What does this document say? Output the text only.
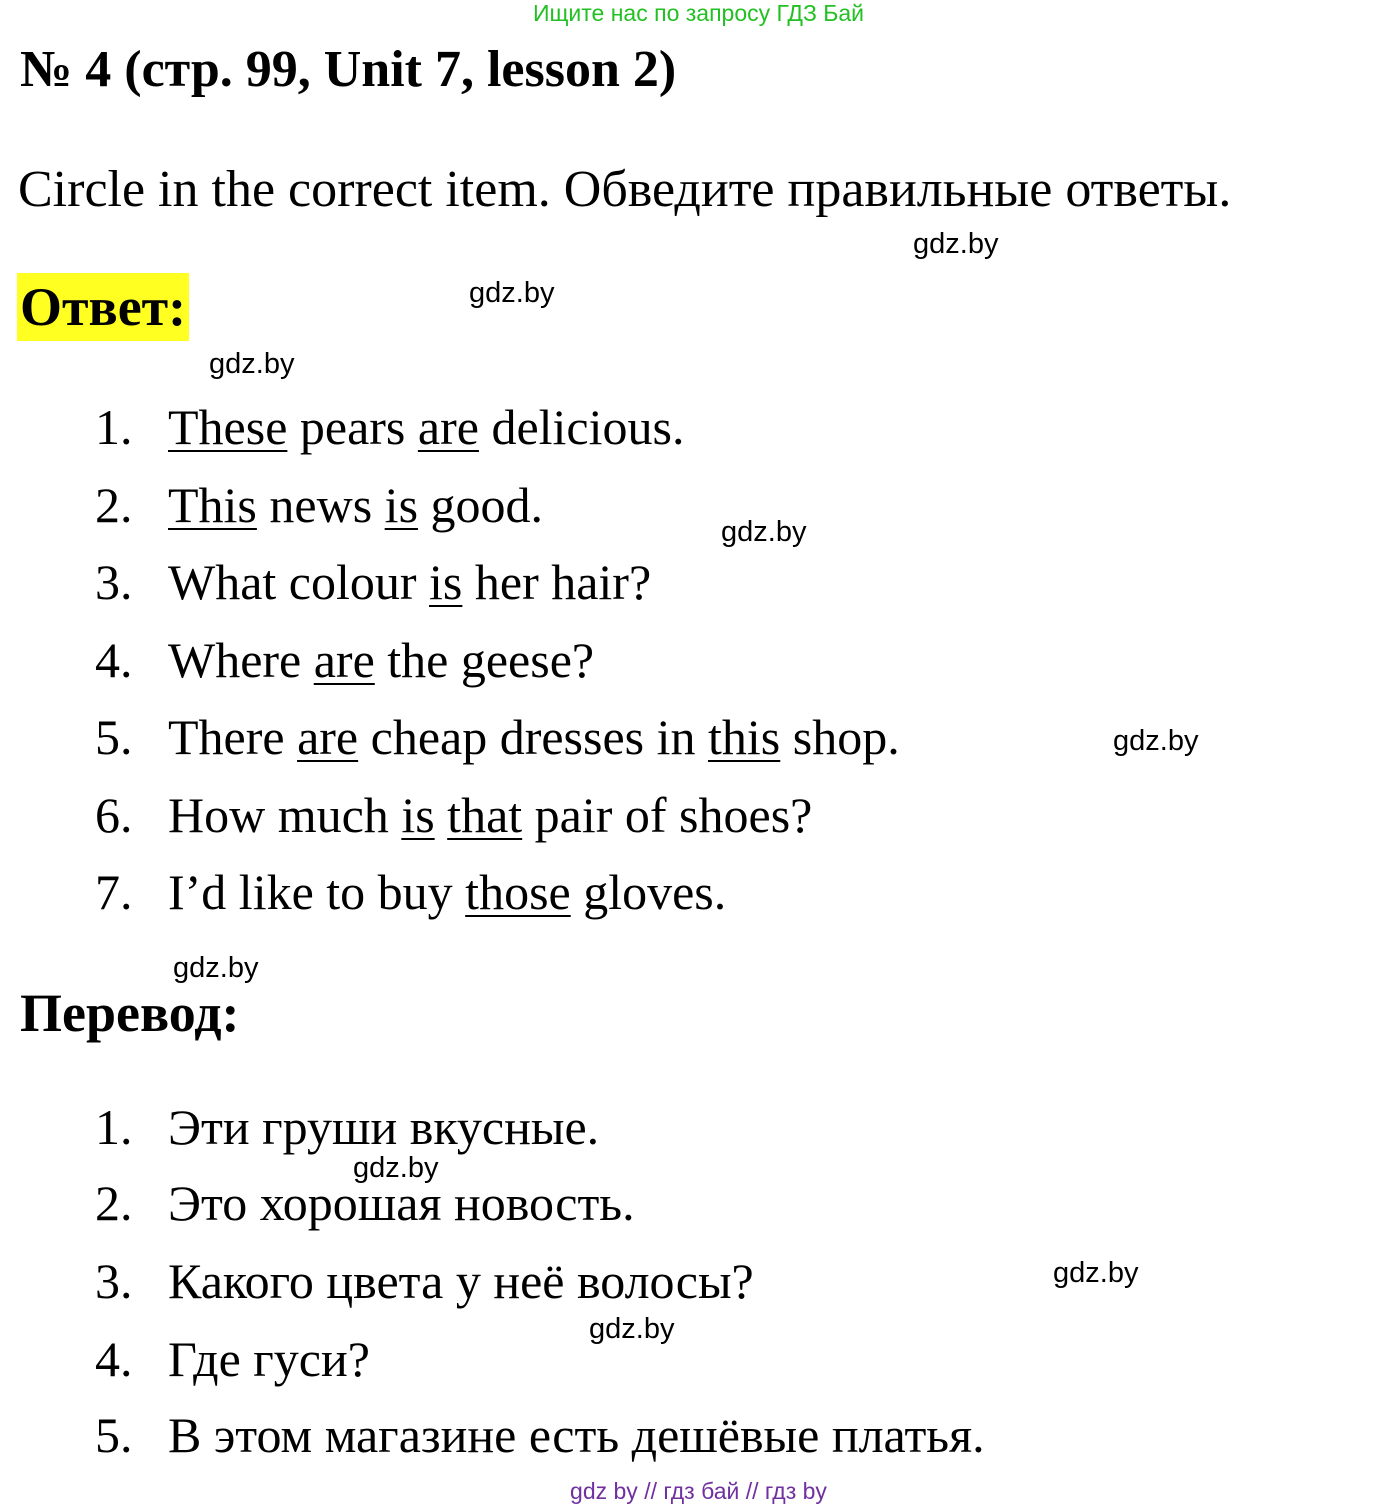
Ищите нас по запросу ГДЗ Бай
№ 4 (стр. 99, Unit 7, lesson 2)
Circle in the correct item. Обведите правильные ответы.
Ответ:
gdz.by
gdz.by
gdz.by
gdz.by
gdz.by
gdz.by
gdz.by
gdz.by
gdz.by
1. These pears are delicious.
2. This news is good.
3. What colour is her hair?
4. Where are the geese?
5. There are cheap dresses in this shop.
6. How much is that pair of shoes?
7. I’d like to buy those gloves.
Перевод:
1. Эти груши вкусные.
2. Это хорошая новость.
3. Какого цвета у неё волосы?
4. Где гуси?
5. В этом магазине есть дешёвые платья.
gdz by // гдз бай // гдз by
